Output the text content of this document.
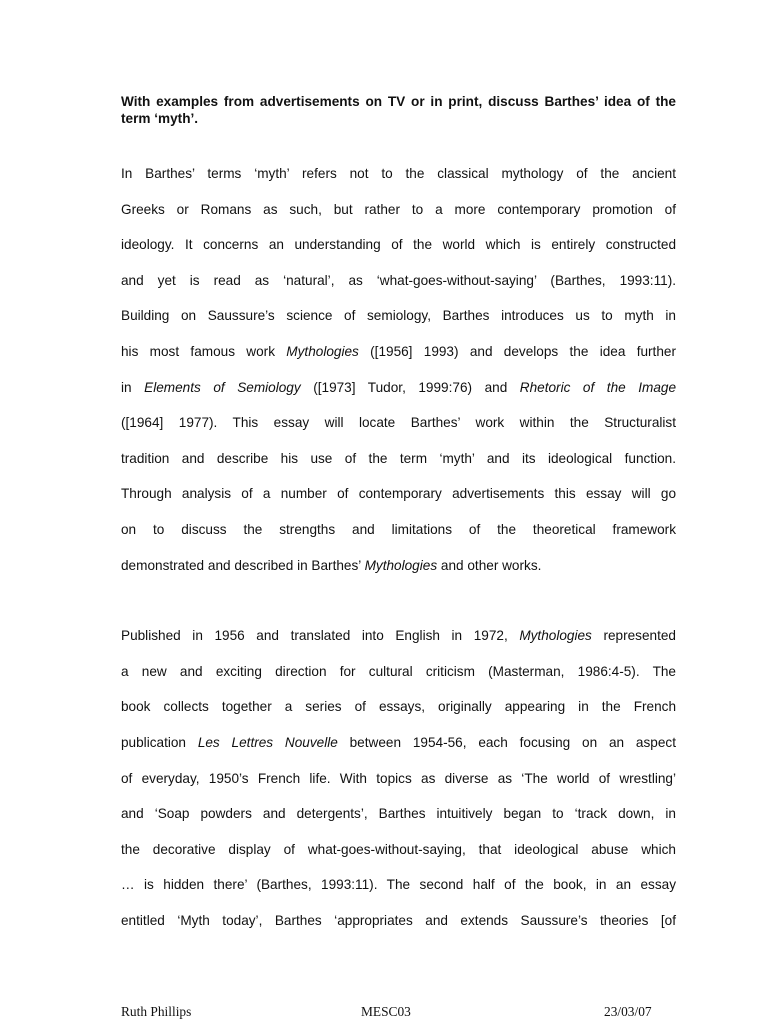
With examples from advertisements on TV or in print, discuss Barthes’ idea of the term ‘myth’.

In Barthes’ terms ‘myth’ refers not to the classical mythology of the ancient
Greeks or Romans as such, but rather to a more contemporary promotion of
ideology. It concerns an understanding of the world which is entirely constructed
and yet is read as ‘natural’, as ‘what-goes-without-saying’ (Barthes, 1993:11).
Building on Saussure’s science of semiology, Barthes introduces us to myth in
his most famous work Mythologies ([1956] 1993) and develops the idea further
in Elements of Semiology ([1973] Tudor, 1999:76) and Rhetoric of the Image
([1964] 1977). This essay will locate Barthes’ work within the Structuralist
tradition and describe his use of the term ‘myth’ and its ideological function.
Through analysis of a number of contemporary advertisements this essay will go
on to discuss the strengths and limitations of the theoretical framework
demonstrated and described in Barthes’ Mythologies and other works.

Published in 1956 and translated into English in 1972, Mythologies represented
a new and exciting direction for cultural criticism (Masterman, 1986:4-5). The
book collects together a series of essays, originally appearing in the French
publication Les Lettres Nouvelle between 1954-56, each focusing on an aspect
of everyday, 1950’s French life. With topics as diverse as ‘The world of wrestling’
and ‘Soap powders and detergents’, Barthes intuitively began to ‘track down, in
the decorative display of what-goes-without-saying, that ideological abuse which
… is hidden there’ (Barthes, 1993:11). The second half of the book, in an essay
entitled ‘Myth today’, Barthes ‘appropriates and extends Saussure’s theories [of

Ruth Phillips	MESC03	23/03/07
